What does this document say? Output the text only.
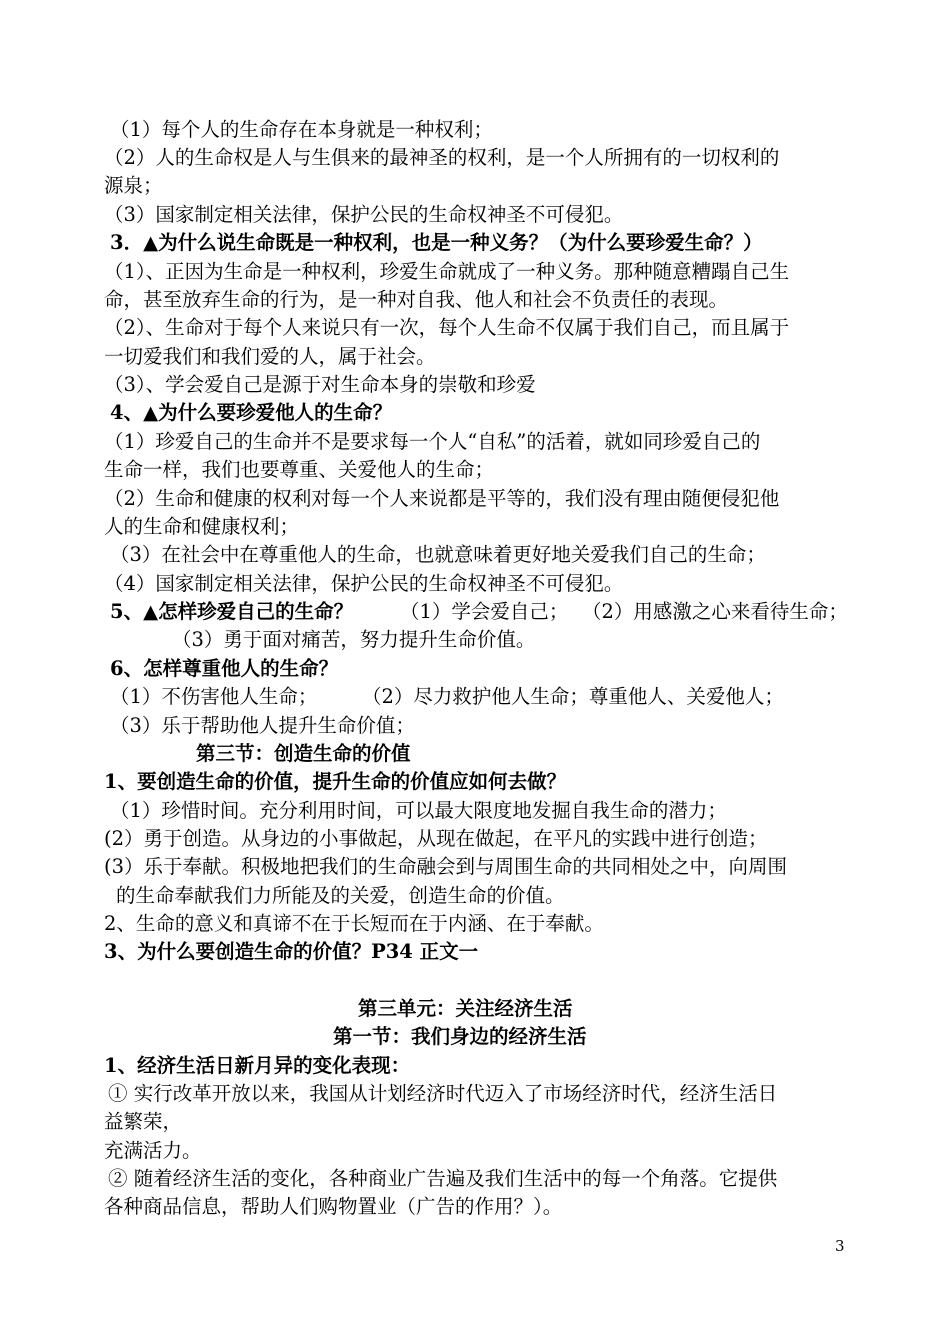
（1）每个人的生命存在本身就是一种权利；
（2）人的生命权是人与生俱来的最神圣的权利，是一个人所拥有的一切权利的
源泉；
（3）国家制定相关法律，保护公民的生命权神圣不可侵犯。
3．▲为什么说生命既是一种权利，也是一种义务？（为什么要珍爱生命？）
（1）、正因为生命是一种权利，珍爱生命就成了一种义务。那种随意糟蹋自己生
命，甚至放弃生命的行为，是一种对自我、他人和社会不负责任的表现。
（2）、生命对于每个人来说只有一次，每个人生命不仅属于我们自己，而且属于
一切爱我们和我们爱的人，属于社会。
（3）、学会爱自己是源于对生命本身的崇敬和珍爱
4、▲为什么要珍爱他人的生命？
（1）珍爱自己的生命并不是要求每一个人“自私”的活着，就如同珍爱自己的
生命一样，我们也要尊重、关爱他人的生命；
（2）生命和健康的权利对每一个人来说都是平等的，我们没有理由随便侵犯他
人的生命和健康权利；
（3）在社会中在尊重他人的生命，也就意味着更好地关爱我们自己的生命；
（4）国家制定相关法律，保护公民的生命权神圣不可侵犯。
5、▲怎样珍爱自己的生命？ （1）学会爱自己； （2）用感激之心来看待生命；
（3）勇于面对痛苦，努力提升生命价值。
6、怎样尊重他人的生命？
（1）不伤害他人生命； （2）尽力救护他人生命；尊重他人、关爱他人；
（3）乐于帮助他人提升生命价值；
第三节：创造生命的价值
1、要创造生命的价值，提升生命的价值应如何去做？
（1）珍惜时间。充分利用时间，可以最大限度地发掘自我生命的潜力；
(2）勇于创造。从身边的小事做起，从现在做起，在平凡的实践中进行创造；
(3）乐于奉献。积极地把我们的生命融会到与周围生命的共同相处之中，向周围
的生命奉献我们力所能及的关爱，创造生命的价值。
2、生命的意义和真谛不在于长短而在于内涵、在于奉献。
3、为什么要创造生命的价值？P34 正文一
第三单元：关注经济生活
第一节：我们身边的经济生活
1、经济生活日新月异的变化表现：
① 实行改革开放以来，我国从计划经济时代迈入了市场经济时代，经济生活日
益繁荣，
充满活力。
② 随着经济生活的变化，各种商业广告遍及我们生活中的每一个角落。它提供
各种商品信息，帮助人们购物置业（广告的作用？）。
3
